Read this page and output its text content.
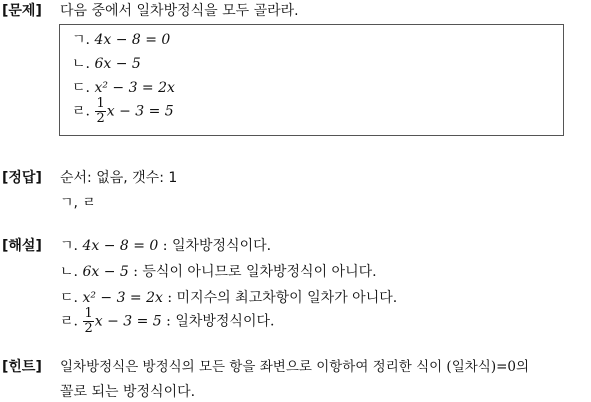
[문제] 다음 중에서 일차방정식을 모두 골라라.
ㄱ. 4x − 8 = 0
ㄴ. 6x − 5
ㄷ. x² − 3 = 2x
ㄹ. $\frac{1}{2}$ x − 3 = 5
[정답] 순서: 없음, 갯수: 1
ㄱ, ㄹ
[해설] ㄱ. 4x − 8 = 0 : 일차방정식이다.
ㄴ. 6x − 5 : 등식이 아니므로 일차방정식이 아니다.
ㄷ. x² − 3 = 2x : 미지수의 최고차항이 일차가 아니다.
ㄹ. $\frac{1}{2}$ x − 3 = 5 : 일차방정식이다.
[힌트] 일차방정식은 방정식의 모든 항을 좌변으로 이항하여 정리한 식이 (일차식)=0의
꼴로 되는 방정식이다.
